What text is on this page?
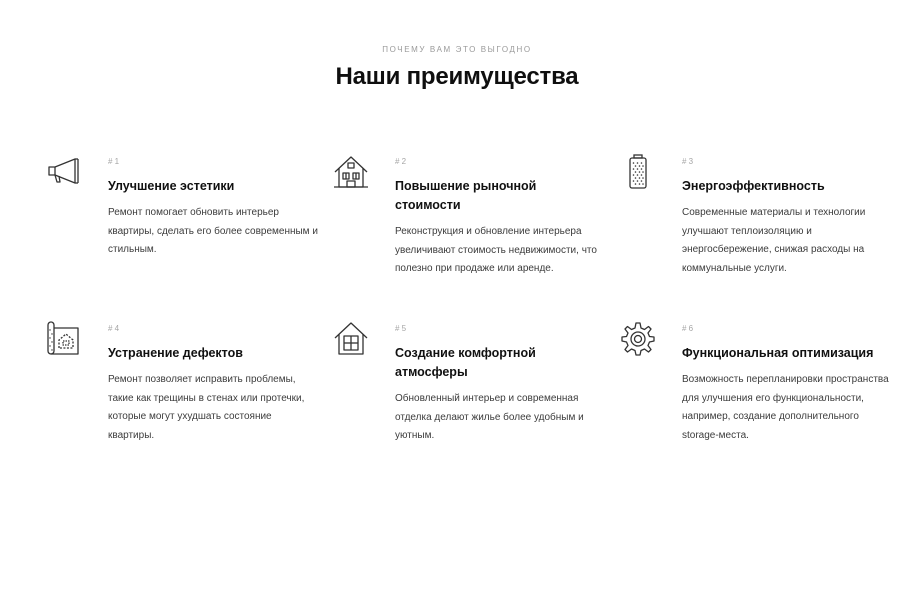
ПОЧЕМУ ВАМ ЭТО ВЫГОДНО
Наши преимущества
# 1
Улучшение эстетики

Ремонт помогает обновить интерьер квартиры, сделать его более современным и стильным.

# 2
Повышение рыночной стоимости

Реконструкция и обновление интерьера увеличивают стоимость недвижимости, что полезно при продаже или аренде.

# 3
Энергоэффективность

Современные материалы и технологии улучшают теплоизоляцию и энергосбережение, снижая расходы на коммунальные услуги.

# 4
Устранение дефектов

Ремонт позволяет исправить проблемы, такие как трещины в стенах или протечки, которые могут ухудшать состояние квартиры.

# 5
Создание комфортной атмосферы

Обновленный интерьер и современная отделка делают жилье более удобным и уютным.

# 6
Функциональная оптимизация

Возможность перепланировки пространства для улучшения его функциональности, например, создание дополнительного storage-места.
